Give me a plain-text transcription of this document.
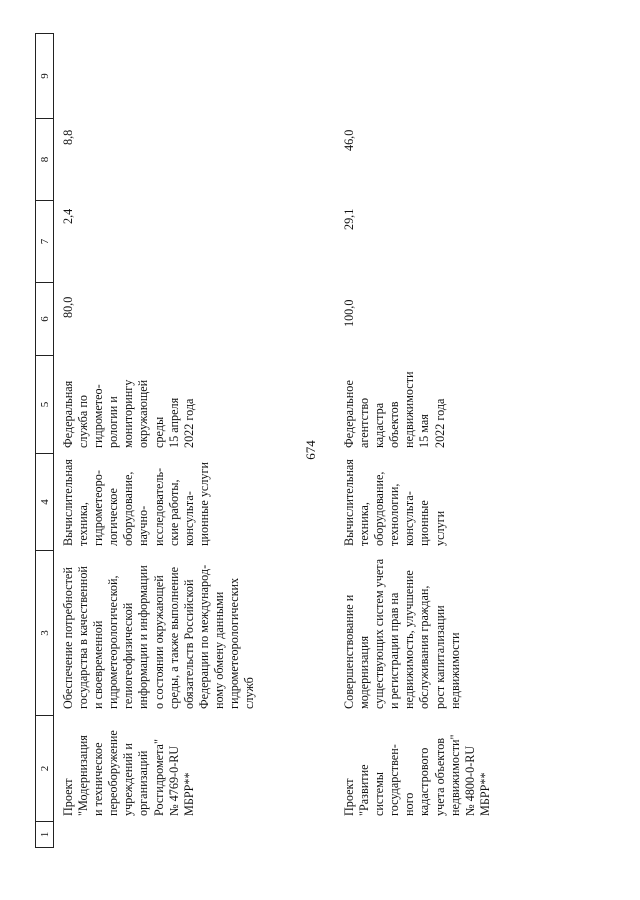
674
1
2
3
4
5
6
7
8
9
Проект
"Модернизация
и техническое
переоборужение
учреждений и
организаций
Росгидромета"
№ 4769-0-RU
МБРР**
Обеспечение потребностей
государства в качественной
и своевременной
гидрометеорологической,
гелиогеофизической
информации и информации
о состоянии окружающей
среды, а также выполнение
обязательств Российской
Федерации по международ-
ному обмену данными
гидрометеорологических
служб
Вычислительная
техника,
гидрометеоро-
логическое
оборудование,
научно-
исследователь-
ские работы,
консульта-
ционные услуги
Федеральная
служба по
гидрометео-
рологии и
мониторингу
окружающей
среды
15 апреля
2022 года
80,0
2,4
8,8
Проект
"Развитие
системы
государствен-
ного
кадастрового
учета объектов
недвижимости"
№ 4800-0-RU
МБРР**
Совершенствование и
модернизация
существующих систем учета
и регистрации прав на
недвижимость, улучшение
обслуживания граждан,
рост капитализации
недвижимости
Вычислительная
техника,
оборудование,
технологии,
консульта-
ционные
услуги
Федеральное
агентство
кадастра
объектов
недвижимости
15 мая
2022 года
100,0
29,1
46,0
